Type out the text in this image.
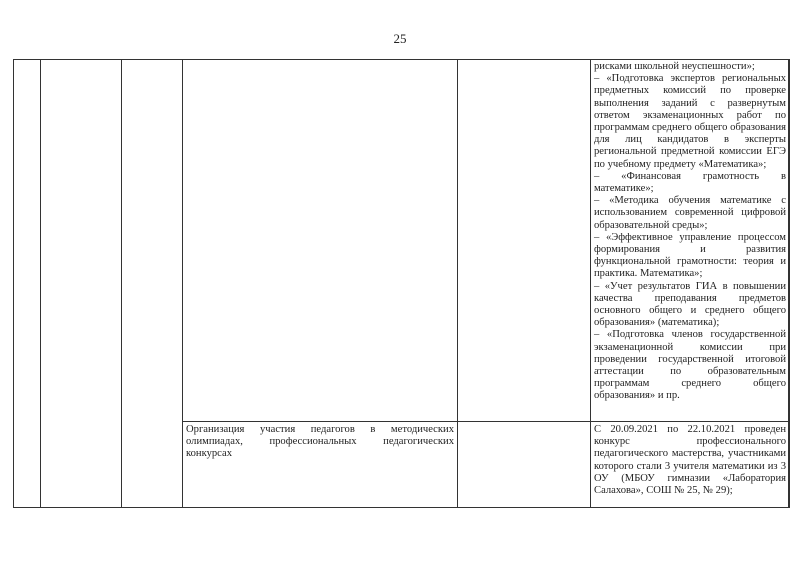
25

рисками школьной неуспешности»;

– «Подготовка экспертов региональных предметных комиссий по проверке выполнения заданий с развернутым ответом экзаменационных работ по программам среднего общего образования для лиц кандидатов в эксперты региональной предметной комиссии ЕГЭ по учебному предмету «Математика»;

– «Финансовая грамотность в математике»;

– «Методика обучения математике с использованием современной цифровой образовательной среды»;

– «Эффективное управление процессом формирования и развития функциональной грамотности: теория и практика. Математика»;

– «Учет результатов ГИА в повышении качества преподавания предметов основного общего и среднего общего образования» (математика);

– «Подготовка членов государственной экзаменационной комиссии при проведении государственной итоговой аттестации по образовательным программам среднего общего образования» и пр.

Организация участия педагогов в методических олимпиадах, профессиональных педагогических конкурсах

С 20.09.2021 по 22.10.2021 проведен конкурс профессионального педагогического мастерства, участниками которого стали 3 учителя математики из 3 ОУ (МБОУ гимназии «Лаборатория Салахова», СОШ № 25, № 29);
